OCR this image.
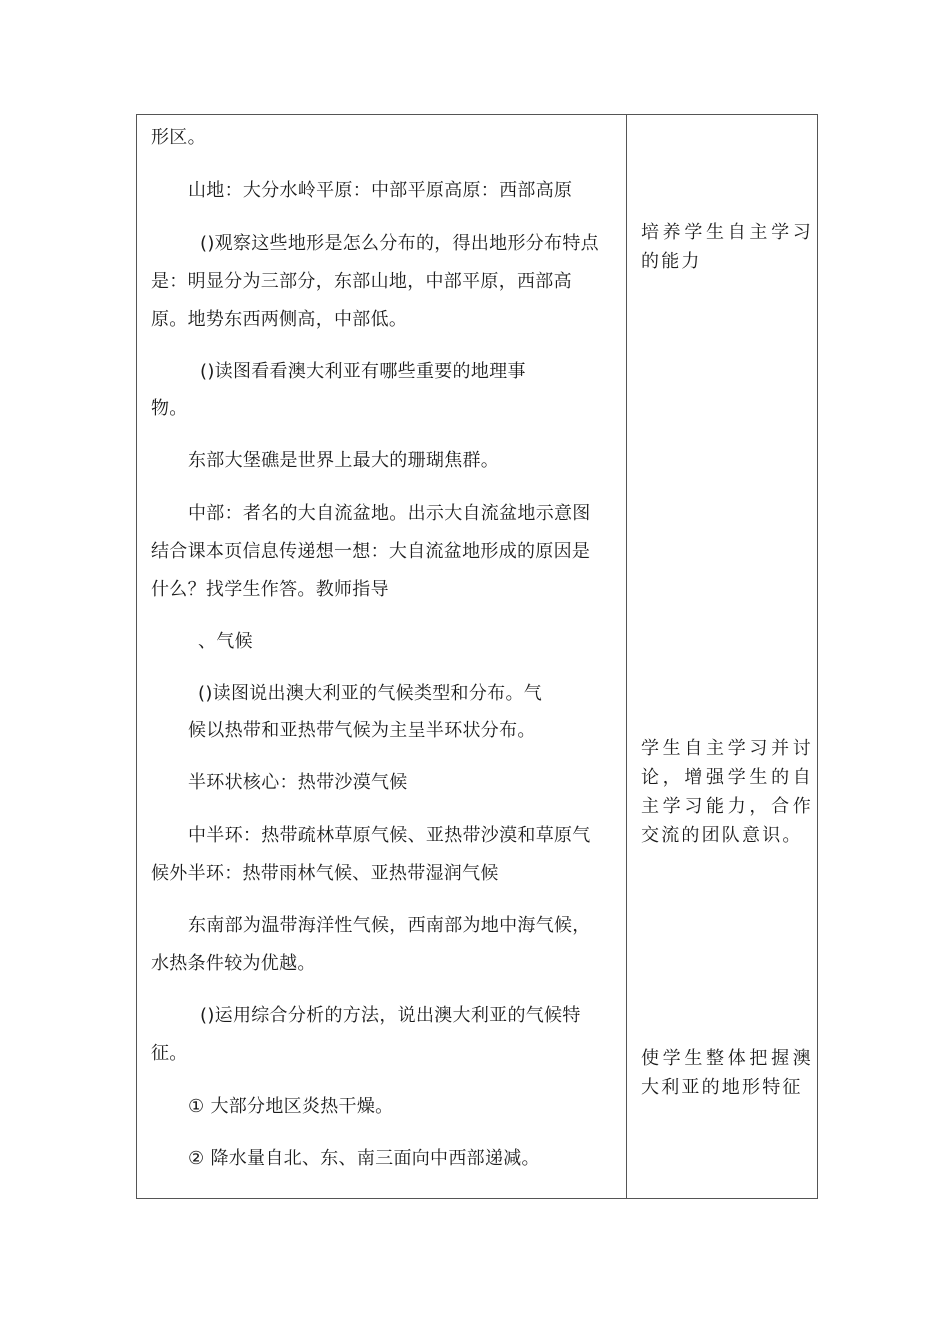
形区。
山地：大分水岭平原：中部平原高原：西部高原
()观察这些地形是怎么分布的，得出地形分布特点
是：明显分为三部分，东部山地，中部平原，西部高
原。地势东西两侧高，中部低。
()读图看看澳大利亚有哪些重要的地理事
物。
东部大堡礁是世界上最大的珊瑚焦群。
中部：者名的大自流盆地。出示大自流盆地示意图
结合课本页信息传递想一想：大自流盆地形成的原因是
什么？找学生作答。教师指导
、气候
()读图说出澳大利亚的气候类型和分布。气
候以热带和亚热带气候为主呈半环状分布。
半环状核心：热带沙漠气候
中半环：热带疏林草原气候、亚热带沙漠和草原气
候外半环：热带雨林气候、亚热带湿润气候
东南部为温带海洋性气候，西南部为地中海气候，
水热条件较为优越。
()运用综合分析的方法，说出澳大利亚的气候特
征。
① 大部分地区炎热干燥。
② 降水量自北、东、南三面向中西部递减。
培养学生自主学习的能力
学生自主学习并讨论，增强学生的自主学习能力，合作交流的团队意识。
使学生整体把握澳大利亚的地形特征
